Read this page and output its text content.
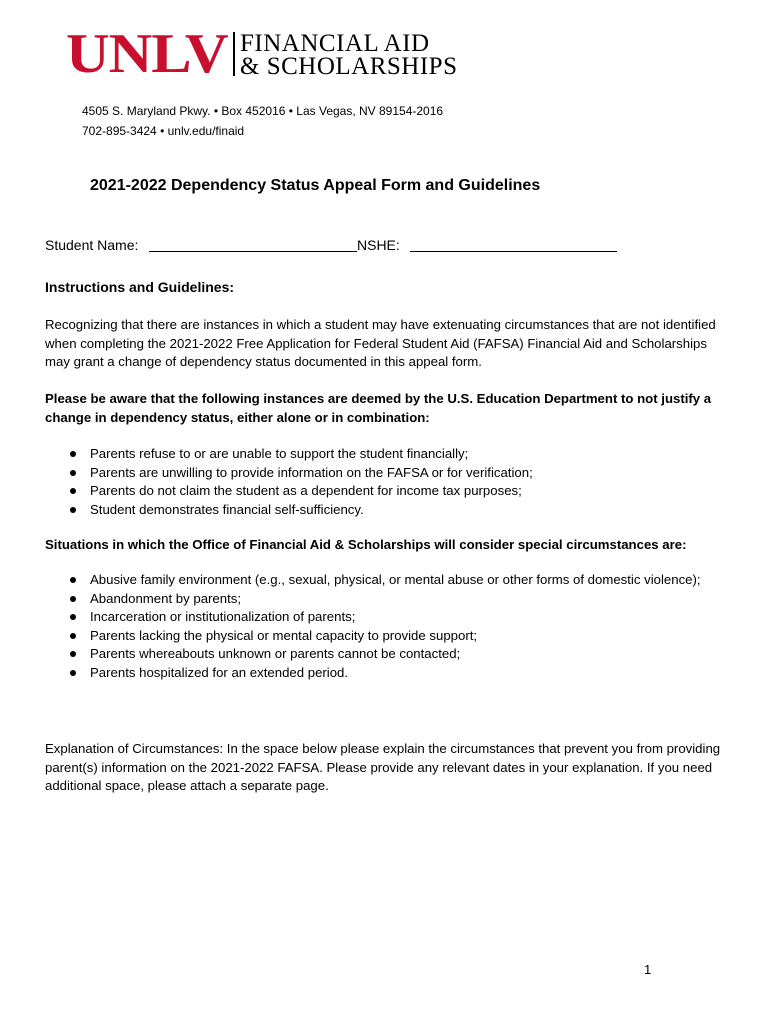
UNLV FINANCIAL AID
& SCHOLARSHIPS
4505 S. Maryland Pkwy. • Box 452016 • Las Vegas, NV 89154-2016
702-895-3424 • unlv.edu/finaid
2021-2022 Dependency Status Appeal Form and Guidelines
Student Name:	NSHE:
Instructions and Guidelines:
Recognizing that there are instances in which a student may have extenuating circumstances that are not identified when completing the 2021-2022 Free Application for Federal Student Aid (FAFSA) Financial Aid and Scholarships may grant a change of dependency status documented in this appeal form.
Please be aware that the following instances are deemed by the U.S. Education Department to not justify a change in dependency status, either alone or in combination:
Parents refuse to or are unable to support the student financially;
Parents are unwilling to provide information on the FAFSA or for verification;
Parents do not claim the student as a dependent for income tax purposes;
Student demonstrates financial self-sufficiency.
Situations in which the Office of Financial Aid & Scholarships will consider special circumstances are:
Abusive family environment (e.g., sexual, physical, or mental abuse or other forms of domestic violence);
Abandonment by parents;
Incarceration or institutionalization of parents;
Parents lacking the physical or mental capacity to provide support;
Parents whereabouts unknown or parents cannot be contacted;
Parents hospitalized for an extended period.
Explanation of Circumstances: In the space below please explain the circumstances that prevent you from providing parent(s) information on the 2021-2022 FAFSA. Please provide any relevant dates in your explanation. If you need additional space, please attach a separate page.
1
